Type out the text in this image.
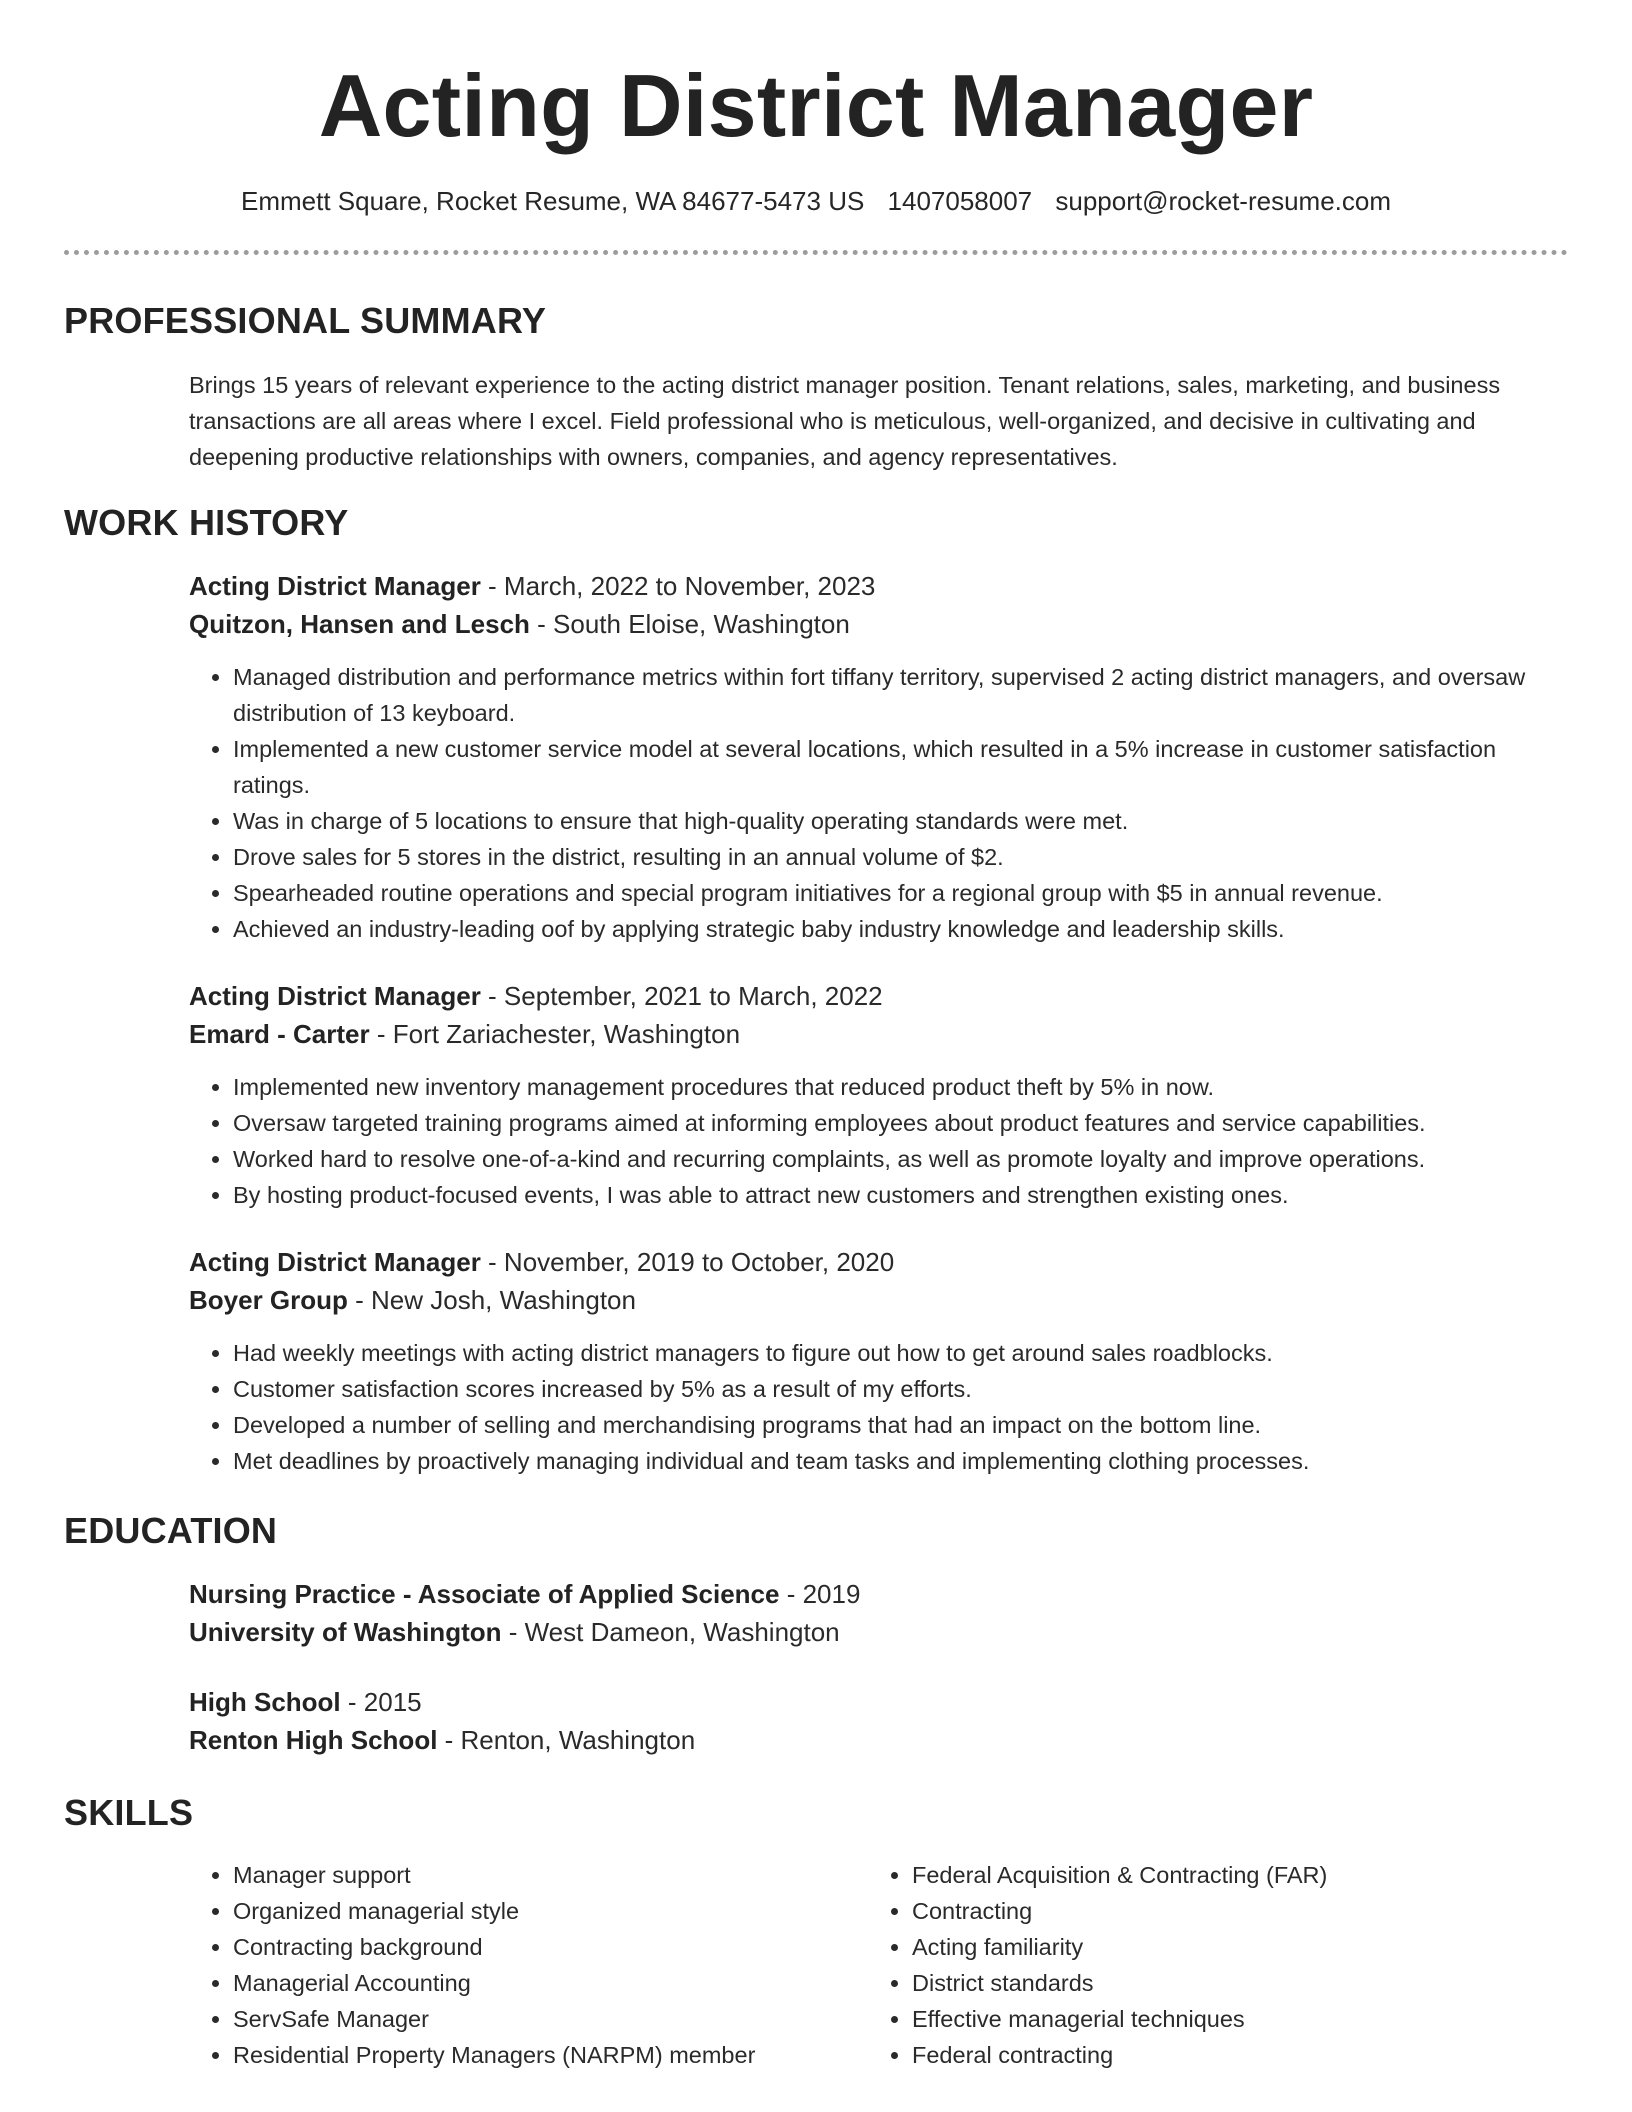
Acting District Manager
Emmett Square, Rocket Resume, WA 84677-5473 US 1407058007 support@rocket-resume.com
PROFESSIONAL SUMMARY

Brings 15 years of relevant experience to the acting district manager position. Tenant relations, sales, marketing, and business transactions are all areas where I excel. Field professional who is meticulous, well-organized, and decisive in cultivating and deepening productive relationships with owners, companies, and agency representatives.

WORK HISTORY
Acting District Manager - March, 2022 to November, 2023
Quitzon, Hansen and Lesch - South Eloise, Washington
• Managed distribution and performance metrics within fort tiffany territory, supervised 2 acting district managers, and oversaw distribution of 13 keyboard.
• Implemented a new customer service model at several locations, which resulted in a 5% increase in customer satisfaction ratings.
• Was in charge of 5 locations to ensure that high-quality operating standards were met.
• Drove sales for 5 stores in the district, resulting in an annual volume of $2.
• Spearheaded routine operations and special program initiatives for a regional group with $5 in annual revenue.
• Achieved an industry-leading oof by applying strategic baby industry knowledge and leadership skills.
Acting District Manager - September, 2021 to March, 2022
Emard - Carter - Fort Zariachester, Washington
• Implemented new inventory management procedures that reduced product theft by 5% in now.
• Oversaw targeted training programs aimed at informing employees about product features and service capabilities.
• Worked hard to resolve one-of-a-kind and recurring complaints, as well as promote loyalty and improve operations.
• By hosting product-focused events, I was able to attract new customers and strengthen existing ones.
Acting District Manager - November, 2019 to October, 2020
Boyer Group - New Josh, Washington
• Had weekly meetings with acting district managers to figure out how to get around sales roadblocks.
• Customer satisfaction scores increased by 5% as a result of my efforts.
• Developed a number of selling and merchandising programs that had an impact on the bottom line.
• Met deadlines by proactively managing individual and team tasks and implementing clothing processes.
EDUCATION
Nursing Practice - Associate of Applied Science - 2019
University of Washington - West Dameon, Washington
High School - 2015
Renton High School - Renton, Washington
SKILLS
• Manager support
• Organized managerial style
• Contracting background
• Managerial Accounting
• ServSafe Manager
• Residential Property Managers (NARPM) member
• Federal Acquisition & Contracting (FAR)
• Contracting
• Acting familiarity
• District standards
• Effective managerial techniques
• Federal contracting
